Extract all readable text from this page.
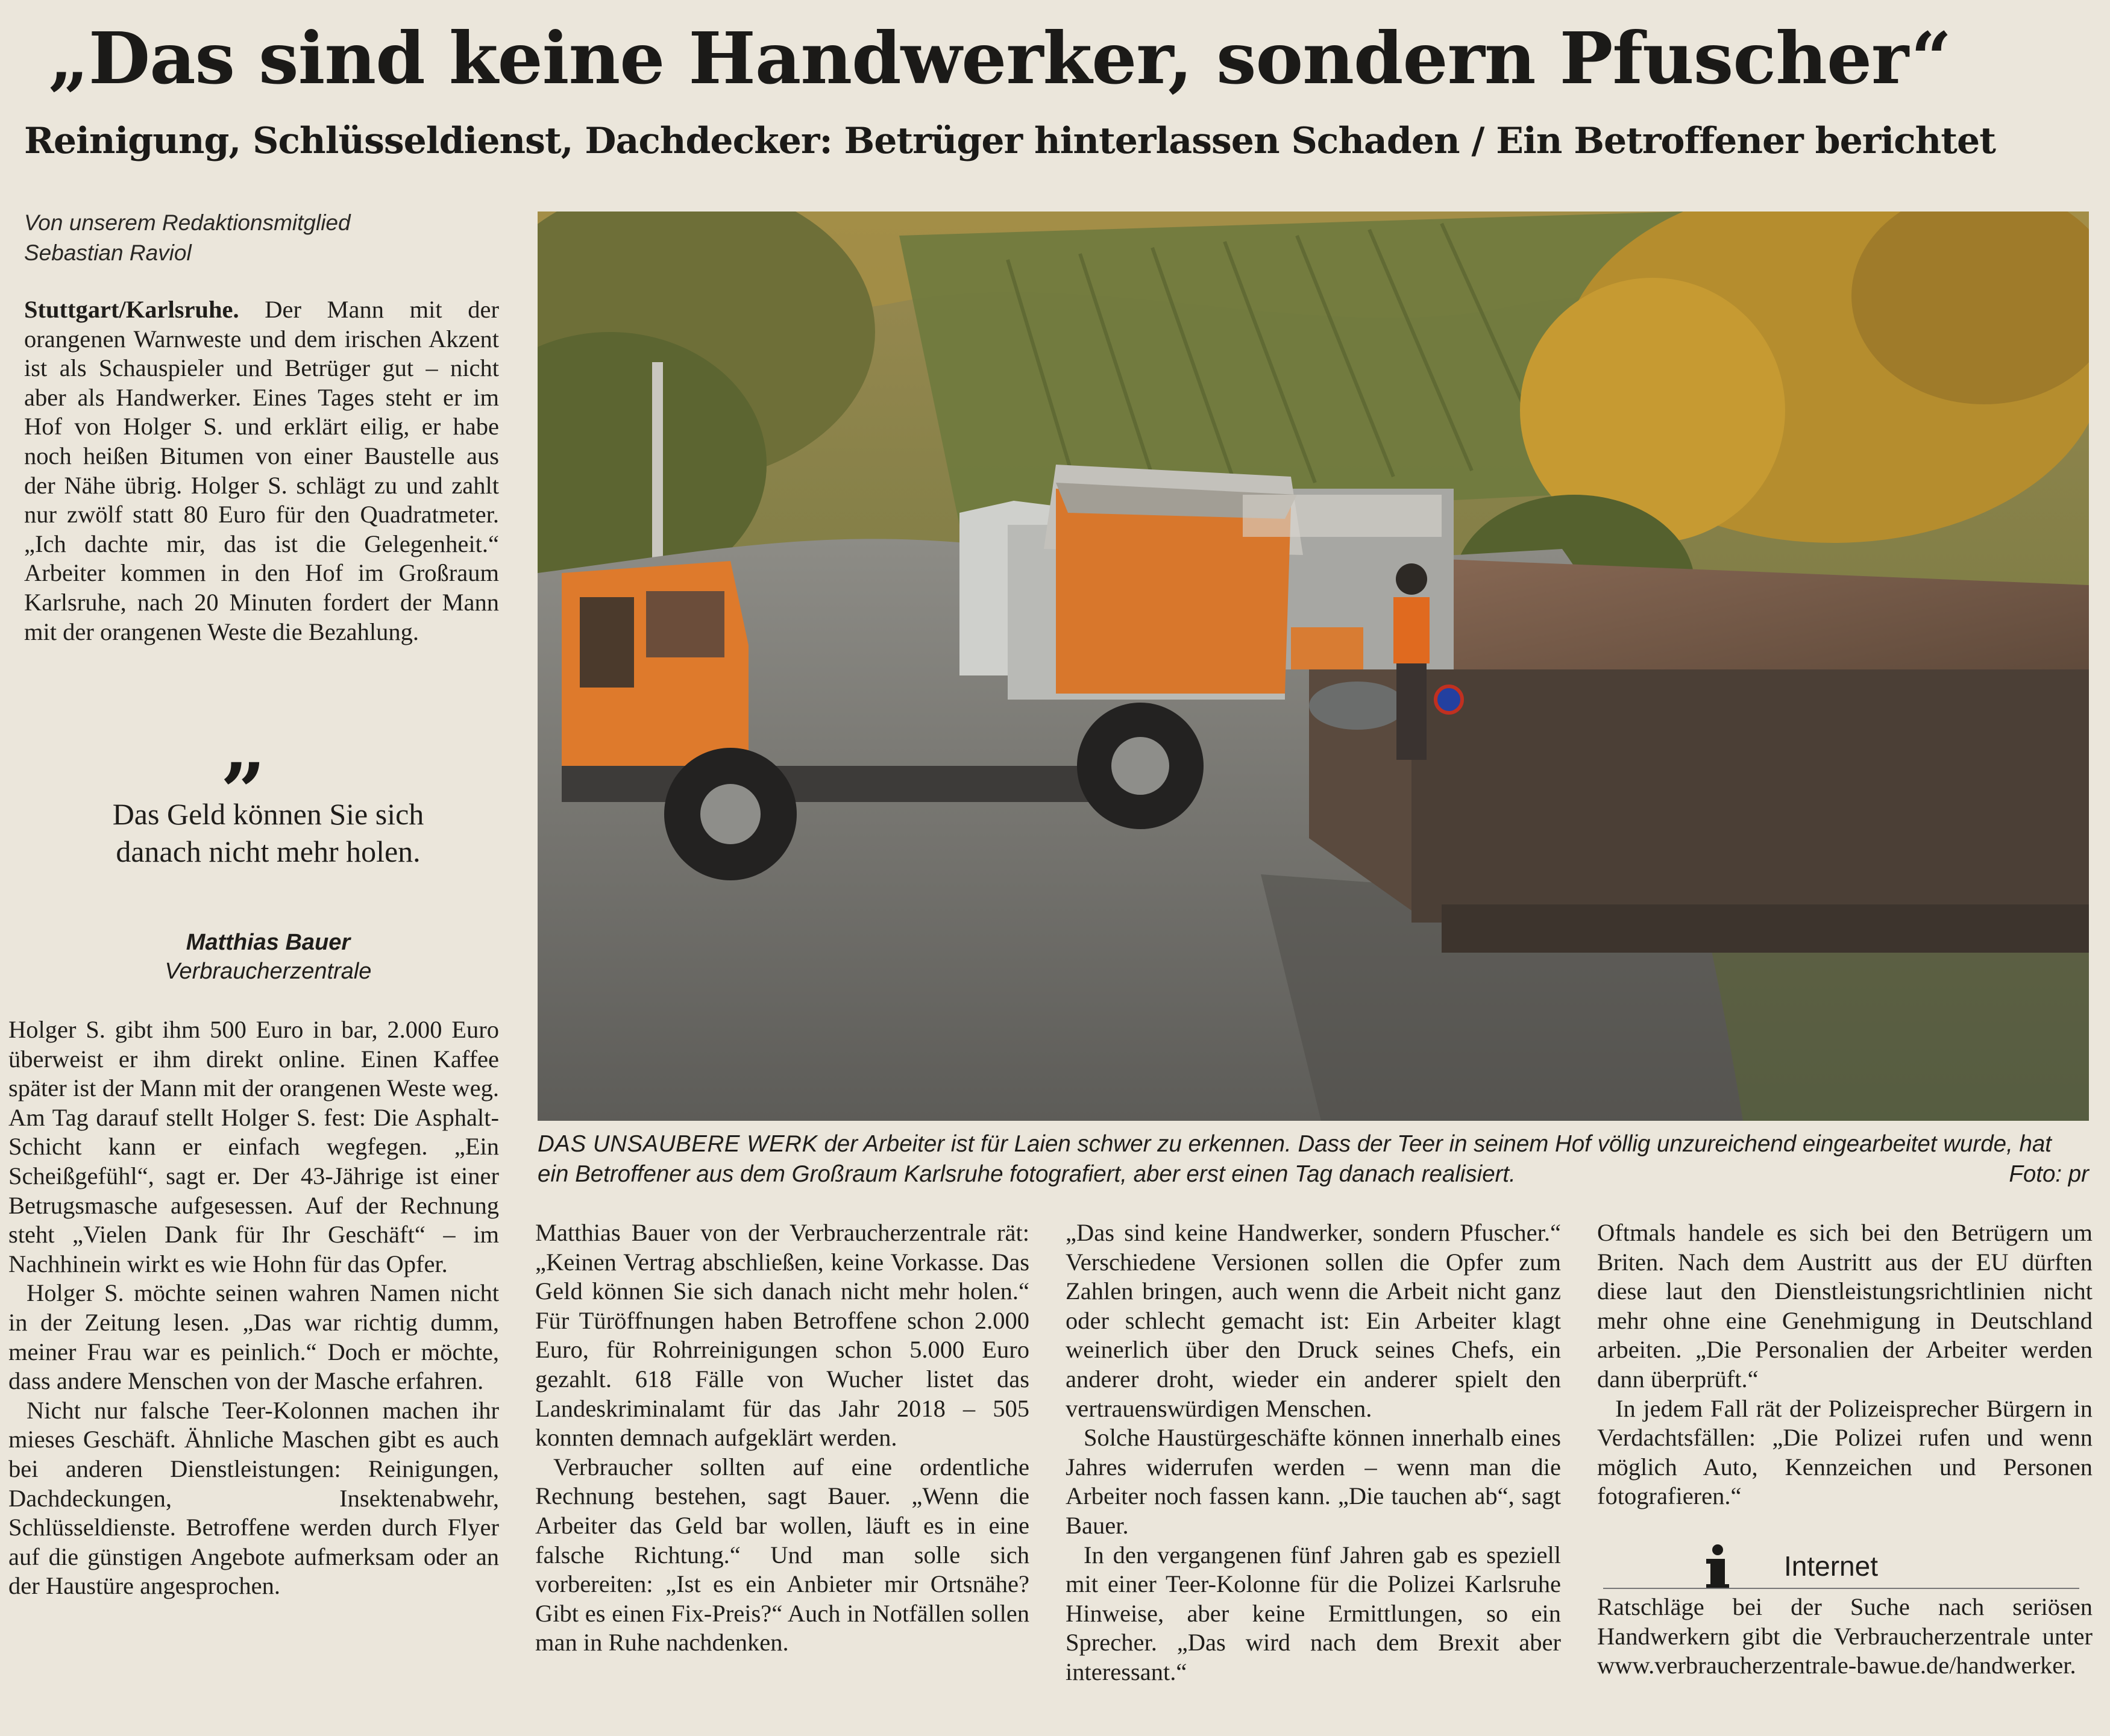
„Das sind keine Handwerker, sondern Pfuscher“
Reinigung, Schlüsseldienst, Dachdecker: Betrüger hinterlassen Schaden / Ein Betroffener berichtet
Von unserem Redaktionsmitglied
Sebastian Raviol

Stuttgart/Karlsruhe. Der Mann mit der orangenen Warnweste und dem irischen Akzent ist als Schauspieler und Betrüger gut – nicht aber als Handwerker. Eines Tages steht er im Hof von Holger S. und erklärt eilig, er habe noch heißen Bitumen von einer Baustelle aus der Nähe übrig. Holger S. schlägt zu und zahlt nur zwölf statt 80 Euro für den Quadratmeter. „Ich dachte mir, das ist die Gelegenheit.“ Arbeiter kommen in den Hof im Großraum Karlsruhe, nach 20 Minuten fordert der Mann mit der orangenen Weste die Bezahlung.

„
Das Geld können Sie sich danach nicht mehr holen.
Matthias Bauer
Verbraucherzentrale

Holger S. gibt ihm 500 Euro in bar, 2.000 Euro überweist er ihm direkt online. Einen Kaffee später ist der Mann mit der orangenen Weste weg. Am Tag darauf stellt Holger S. fest: Die Asphalt-Schicht kann er einfach wegfegen. „Ein Scheißgefühl“, sagt er. Der 43-Jährige ist einer Betrugsmasche aufgesessen. Auf der Rechnung steht „Vielen Dank für Ihr Geschäft“ – im Nachhinein wirkt es wie Hohn für das Opfer.

Holger S. möchte seinen wahren Namen nicht in der Zeitung lesen. „Das war richtig dumm, meiner Frau war es peinlich.“ Doch er möchte, dass andere Menschen von der Masche erfahren.

Nicht nur falsche Teer-Kolonnen machen ihr mieses Geschäft. Ähnliche Maschen gibt es auch bei anderen Dienstleistungen: Reinigungen, Dachdeckungen, Insektenabwehr, Schlüsseldienste. Betroffene werden durch Flyer auf die günstigen Angebote aufmerksam oder an der Haustüre angesprochen.

DAS UNSAUBERE WERK der Arbeiter ist für Laien schwer zu erkennen. Dass der Teer in seinem Hof völlig unzureichend eingearbeitet wurde, hat ein Betroffener aus dem Großraum Karlsruhe fotografiert, aber erst einen Tag danach realisiert.	Foto: pr

Matthias Bauer von der Verbraucherzentrale rät: „Keinen Vertrag abschließen, keine Vorkasse. Das Geld können Sie sich danach nicht mehr holen.“ Für Türöffnungen haben Betroffene schon 2.000 Euro, für Rohrreinigungen schon 5.000 Euro gezahlt. 618 Fälle von Wucher listet das Landeskriminalamt für das Jahr 2018 – 505 konnten demnach aufgeklärt werden.

Verbraucher sollten auf eine ordentliche Rechnung bestehen, sagt Bauer. „Wenn die Arbeiter das Geld bar wollen, läuft es in eine falsche Richtung.“ Und man solle sich vorbereiten: „Ist es ein Anbieter mir Ortsnähe? Gibt es einen Fix-Preis?“ Auch in Notfällen sollen man in Ruhe nachdenken.

„Das sind keine Handwerker, sondern Pfuscher.“ Verschiedene Versionen sollen die Opfer zum Zahlen bringen, auch wenn die Arbeit nicht ganz oder schlecht gemacht ist: Ein Arbeiter klagt weinerlich über den Druck seines Chefs, ein anderer droht, wieder ein anderer spielt den vertrauenswürdigen Menschen.

Solche Haustürgeschäfte können innerhalb eines Jahres widerrufen werden – wenn man die Arbeiter noch fassen kann. „Die tauchen ab“, sagt Bauer.

In den vergangenen fünf Jahren gab es speziell mit einer Teer-Kolonne für die Polizei Karlsruhe Hinweise, aber keine Ermittlungen, so ein Sprecher. „Das wird nach dem Brexit aber interessant.“

Oftmals handele es sich bei den Betrügern um Briten. Nach dem Austritt aus der EU dürften diese laut den Dienstleistungsrichtlinien nicht mehr ohne eine Genehmigung in Deutschland arbeiten. „Die Personalien der Arbeiter werden dann überprüft.“

In jedem Fall rät der Polizeisprecher Bürgern in Verdachtsfällen: „Die Polizei rufen und wenn möglich Auto, Kennzeichen und Personen fotografieren.“

Internet
Ratschläge bei der Suche nach seriösen Handwerkern gibt die Verbraucherzentrale unter www.verbraucherzentrale-bawue.de/handwerker.
